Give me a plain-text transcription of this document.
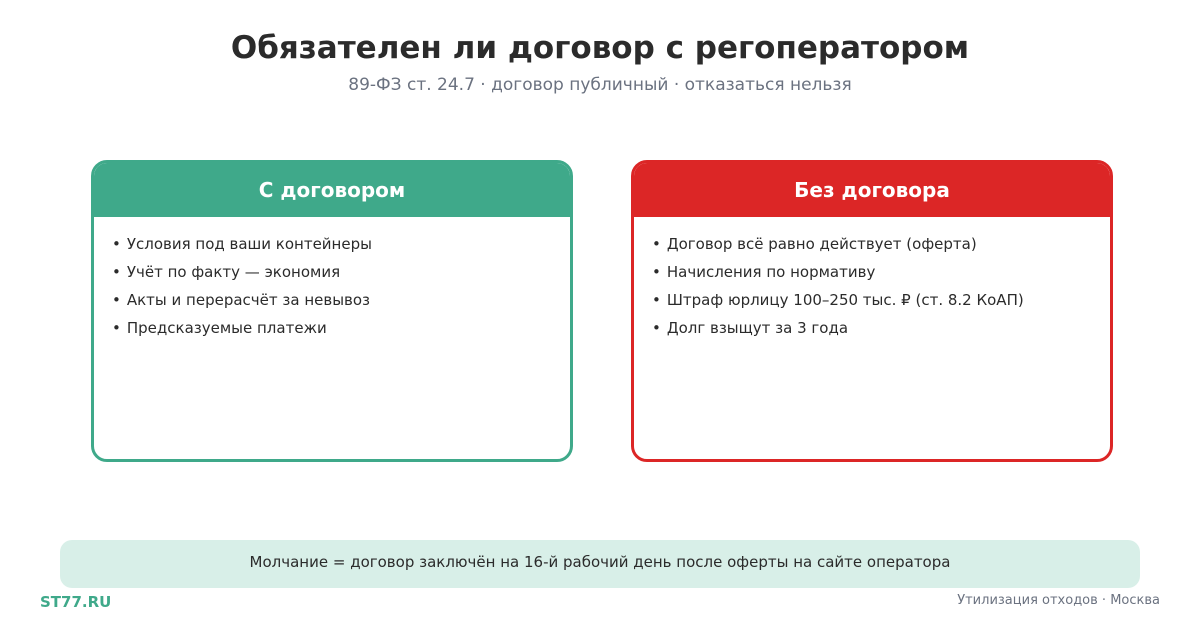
Обязателен ли договор с регоператором

89-ФЗ ст. 24.7 · договор публичный · отказаться нельзя

С договором
• Условия под ваши контейнеры
• Учёт по факту — экономия
• Акты и перерасчёт за невывоз
• Предсказуемые платежи
Без договора
• Договор всё равно действует (оферта)
• Начисления по нормативу
• Штраф юрлицу 100–250 тыс. ₽ (ст. 8.2 КоАП)
• Долг взыщут за 3 года
Молчание = договор заключён на 16-й рабочий день после оферты на сайте оператора
ST77.RU	Утилизация отходов · Москва
